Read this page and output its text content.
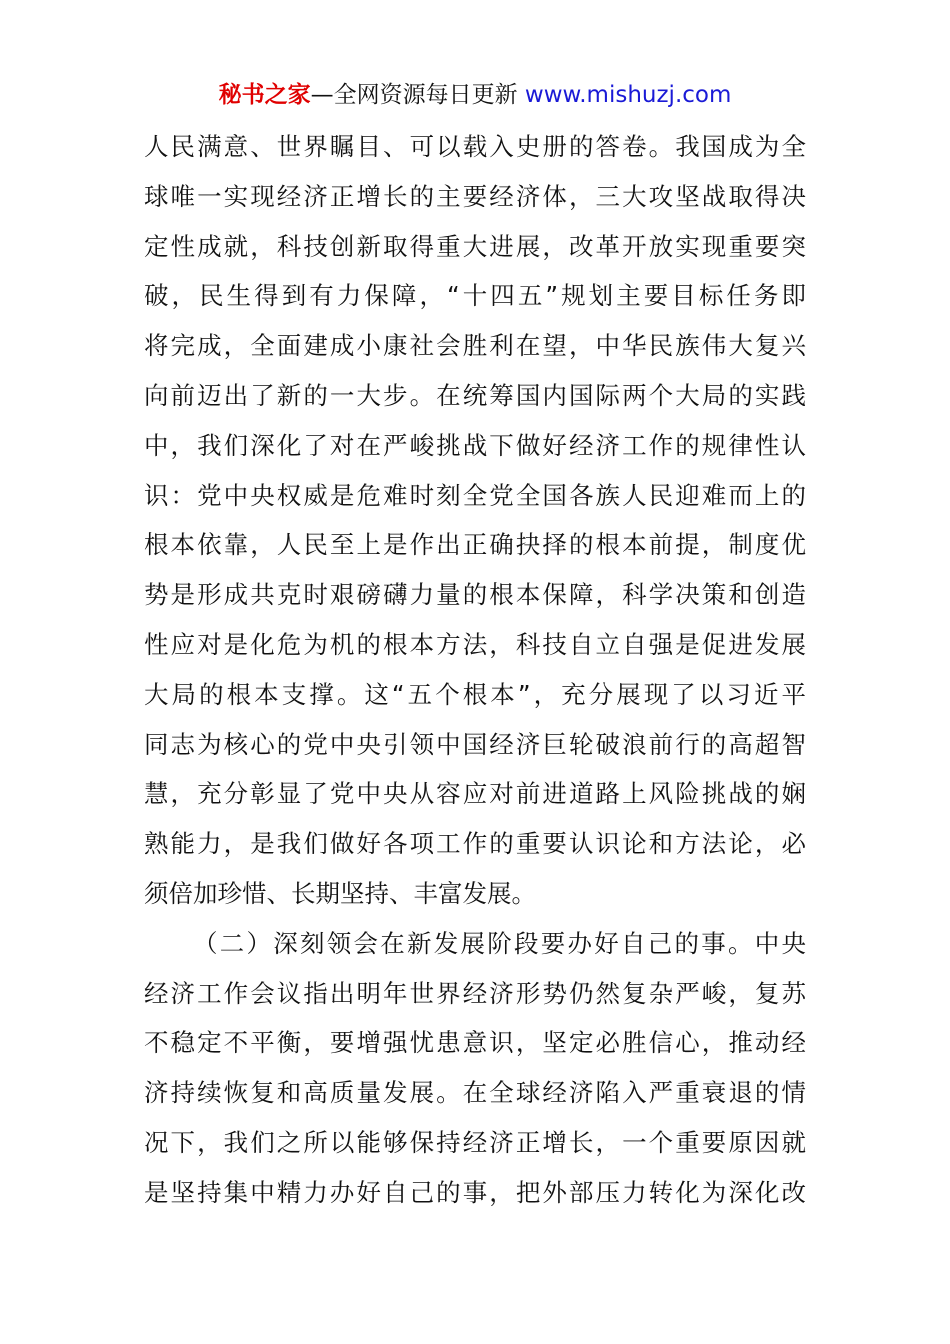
秘书之家—全网资源每日更新 www.mishuzj.com
人民满意、世界瞩目、可以载入史册的答卷。我国成为全
球唯一实现经济正增长的主要经济体，三大攻坚战取得决
定性成就，科技创新取得重大进展，改革开放实现重要突
破，民生得到有力保障，“十四五”规划主要目标任务即
将完成，全面建成小康社会胜利在望，中华民族伟大复兴
向前迈出了新的一大步。在统筹国内国际两个大局的实践
中，我们深化了对在严峻挑战下做好经济工作的规律性认
识：党中央权威是危难时刻全党全国各族人民迎难而上的
根本依靠，人民至上是作出正确抉择的根本前提，制度优
势是形成共克时艰磅礴力量的根本保障，科学决策和创造
性应对是化危为机的根本方法，科技自立自强是促进发展
大局的根本支撑。这“五个根本”，充分展现了以习近平
同志为核心的党中央引领中国经济巨轮破浪前行的高超智
慧，充分彰显了党中央从容应对前进道路上风险挑战的娴
熟能力，是我们做好各项工作的重要认识论和方法论，必
须倍加珍惜、长期坚持、丰富发展。
（二）深刻领会在新发展阶段要办好自己的事。中央
经济工作会议指出明年世界经济形势仍然复杂严峻，复苏
不稳定不平衡，要增强忧患意识，坚定必胜信心，推动经
济持续恢复和高质量发展。在全球经济陷入严重衰退的情
况下，我们之所以能够保持经济正增长，一个重要原因就
是坚持集中精力办好自己的事，把外部压力转化为深化改
